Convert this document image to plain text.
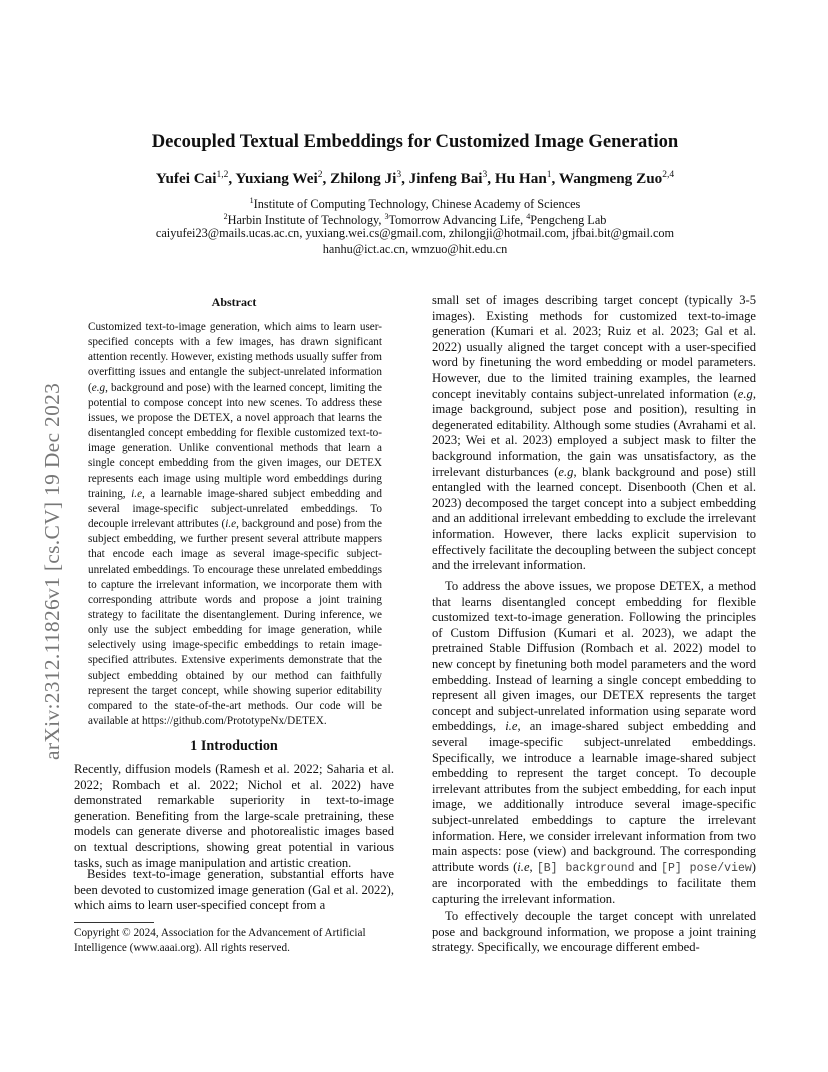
arXiv:2312.11826v1 [cs.CV] 19 Dec 2023
Decoupled Textual Embeddings for Customized Image Generation
Yufei Cai$^{1,2}$, Yuxiang Wei$^2$, Zhilong Ji$^3$, Jinfeng Bai$^3$, Hu Han$^1$, Wangmeng Zuo$^{2,4}$
$^1$Institute of Computing Technology, Chinese Academy of Sciences
$^2$Harbin Institute of Technology, $^3$Tomorrow Advancing Life, $^4$Pengcheng Lab
caiyufei23@mails.ucas.ac.cn, yuxiang.wei.cs@gmail.com, zhilongji@hotmail.com, jfbai.bit@gmail.com
hanhu@ict.ac.cn, wmzuo@hit.edu.cn
Abstract
Customized text-to-image generation, which aims to learn user-specified concepts with a few images, has drawn significant attention recently. However, existing methods usually suffer from overfitting issues and entangle the subject-unrelated information (e.g, background and pose) with the learned concept, limiting the potential to compose concept into new scenes. To address these issues, we propose the DETEX, a novel approach that learns the disentangled concept embedding for flexible customized text-to-image generation. Unlike conventional methods that learn a single concept embedding from the given images, our DETEX represents each image using multiple word embeddings during training, i.e, a learnable image-shared subject embedding and several image-specific subject-unrelated embeddings. To decouple irrelevant attributes (i.e, background and pose) from the subject embedding, we further present several attribute mappers that encode each image as several image-specific subject-unrelated embeddings. To encourage these unrelated embeddings to capture the irrelevant information, we incorporate them with corresponding attribute words and propose a joint training strategy to facilitate the disentanglement. During inference, we only use the subject embedding for image generation, while selectively using image-specific embeddings to retain image-specified attributes. Extensive experiments demonstrate that the subject embedding obtained by our method can faithfully represent the target concept, while showing superior editability compared to the state-of-the-art methods. Our code will be available at https://github.com/PrototypeNx/DETEX.
1 Introduction
Recently, diffusion models (Ramesh et al. 2022; Saharia et al. 2022; Rombach et al. 2022; Nichol et al. 2022) have demonstrated remarkable superiority in text-to-image generation. Benefiting from the large-scale pretraining, these models can generate diverse and photorealistic images based on textual descriptions, showing great potential in various tasks, such as image manipulation and artistic creation.
Besides text-to-image generation, substantial efforts have been devoted to customized image generation (Gal et al. 2022), which aims to learn user-specified concept from a
Copyright © 2024, Association for the Advancement of Artificial Intelligence (www.aaai.org). All rights reserved.
small set of images describing target concept (typically 3-5 images). Existing methods for customized text-to-image generation (Kumari et al. 2023; Ruiz et al. 2023; Gal et al. 2022) usually aligned the target concept with a user-specified word by finetuning the word embedding or model parameters. However, due to the limited training examples, the learned concept inevitably contains subject-unrelated information (e.g, image background, subject pose and position), resulting in degenerated editability. Although some studies (Avrahami et al. 2023; Wei et al. 2023) employed a subject mask to filter the background information, the gain was unsatisfactory, as the irrelevant disturbances (e.g, blank background and pose) still entangled with the learned concept. Disenbooth (Chen et al. 2023) decomposed the target concept into a subject embedding and an additional irrelevant embedding to exclude the irrelevant information. However, there lacks explicit supervision to effectively facilitate the decoupling between the subject concept and the irrelevant information.
To address the above issues, we propose DETEX, a method that learns disentangled concept embedding for flexible customized text-to-image generation. Following the principles of Custom Diffusion (Kumari et al. 2023), we adapt the pretrained Stable Diffusion (Rombach et al. 2022) model to new concept by finetuning both model parameters and the word embedding. Instead of learning a single concept embedding to represent all given images, our DETEX represents the target concept and subject-unrelated information using separate word embeddings, i.e, an image-shared subject embedding and several image-specific subject-unrelated embeddings. Specifically, we introduce a learnable image-shared subject embedding to represent the target concept. To decouple irrelevant attributes from the subject embedding, for each input image, we additionally introduce several image-specific subject-unrelated embeddings to capture the irrelevant information. Here, we consider irrelevant information from two main aspects: pose (view) and background. The corresponding attribute words (i.e, [B] background and [P] pose/view) are incorporated with the embeddings to facilitate them capturing the irrelevant information.
To effectively decouple the target concept with unrelated pose and background information, we propose a joint training strategy. Specifically, we encourage different embed-
